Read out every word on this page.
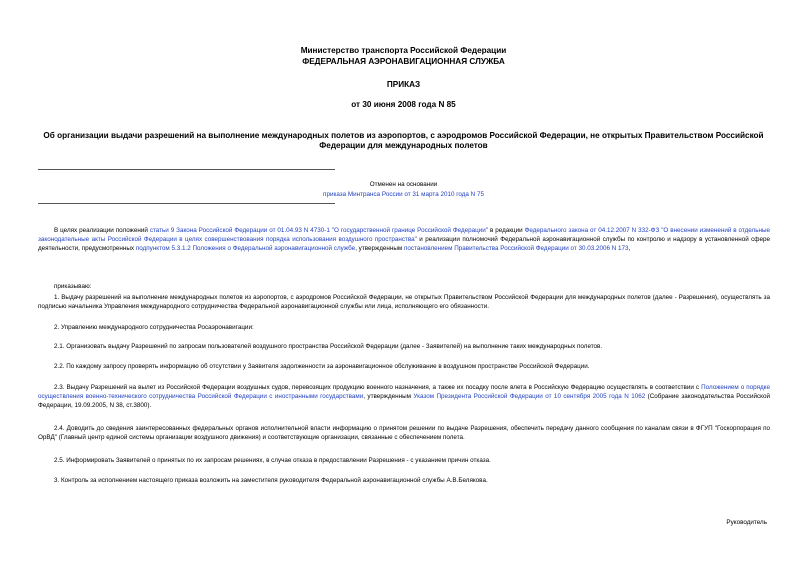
Министерство транспорта Российской Федерации
ФЕДЕРАЛЬНАЯ АЭРОНАВИГАЦИОННАЯ СЛУЖБА
ПРИКАЗ
от 30 июня 2008 года N 85
Об организации выдачи разрешений на выполнение международных полетов из аэропортов, с аэродромов Российской Федерации, не открытых Правительством Российской Федерации для международных полетов
Отменен на основании
приказа Минтранса России от 31 марта 2010 года N 75
В целях реализации положений статьи 9 Закона Российской Федерации от 01.04.93 N 4730-1 "О государственной границе Российской Федерации" в редакции Федерального закона от 04.12.2007 N 332-ФЗ "О внесении изменений в отдельные законодательные акты Российской Федерации в целях совершенствования порядка использования воздушного пространства" и реализации полномочий Федеральной аэронавигационной службы по контролю и надзору в установленной сфере деятельности, предусмотренных подпунктом 5.3.1.2 Положения о Федеральной аэронавигационной службе, утвержденным постановлением Правительства Российской Федерации от 30.03.2006 N 173,
приказываю:
1. Выдачу разрешений на выполнение международных полетов из аэропортов, с аэродромов Российской Федерации, не открытых Правительством Российской Федерации для международных полетов (далее - Разрешения), осуществлять за подписью начальника Управления международного сотрудничества Федеральной аэронавигационной службы или лица, исполняющего его обязанности.
2. Управлению международного сотрудничества Росаэронавигации:
2.1. Организовать выдачу Разрешений по запросам пользователей воздушного пространства Российской Федерации (далее - Заявителей) на выполнение таких международных полетов.
2.2. По каждому запросу проверять информацию об отсутствии у Заявителя задолженности за аэронавигационное обслуживание в воздушном пространстве Российской Федерации.
2.3. Выдачу Разрешений на вылет из Российской Федерации воздушных судов, перевозящих продукцию военного назначения, а также их посадку после влета в Российскую Федерацию осуществлять в соответствии с Положением о порядке осуществления военно-технического сотрудничества Российской Федерации с иностранными государствами, утвержденным Указом Президента Российской Федерации от 10 сентября 2005 года N 1062 (Собрание законодательства Российской Федерации, 19.09.2005, N 38, ст.3800).
2.4. Доводить до сведения заинтересованных федеральных органов исполнительной власти информацию о принятом решении по выдаче Разрешения, обеспечить передачу данного сообщения по каналам связи в ФГУП "Госкорпорация по ОрВД" (Главный центр единой системы организации воздушного движения) и соответствующие организации, связанные с обеспечением полета.
2.5. Информировать Заявителей о принятых по их запросам решениях, в случае отказа в предоставлении Разрешения - с указанием причин отказа.
3. Контроль за исполнением настоящего приказа возложить на заместителя руководителя Федеральной аэронавигационной службы А.В.Белякова.
Руководитель
